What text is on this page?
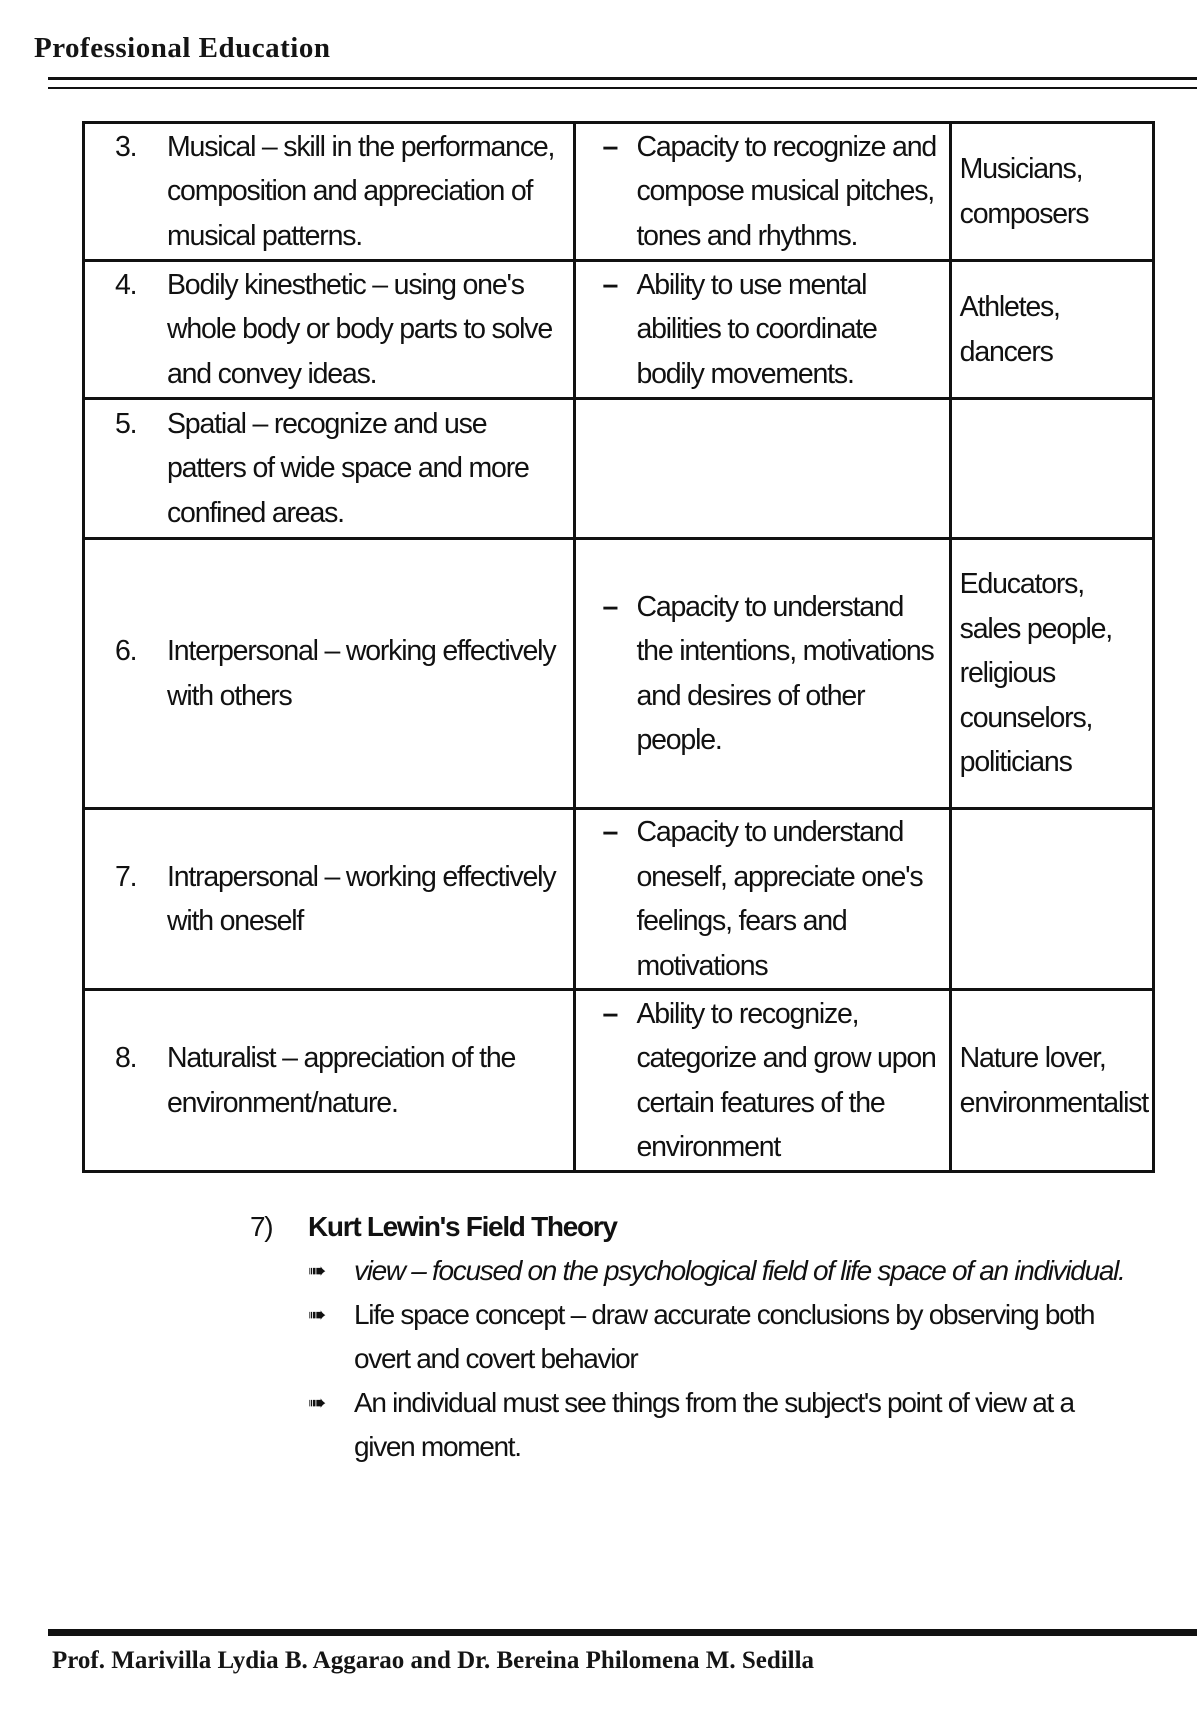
Professional Education
3. Musical – skill in the performance, composition and appreciation of musical patterns.	– Capacity to recognize and compose musical pitches, tones and rhythms.	Musicians, composers

4. Bodily kinesthetic – using one's whole body or body parts to solve and convey ideas.	– Ability to use mental abilities to coordinate bodily movements.	Athletes, dancers

5. Spatial – recognize and use patters of wide space and more confined areas.		

6. Interpersonal – working effectively with others	– Capacity to understand the intentions, motivations and desires of other people.	Educators, sales people, religious counselors, politicians

7. Intrapersonal – working effectively with oneself	– Capacity to understand oneself, appreciate one's feelings, fears and motivations	

8. Naturalist – appreciation of the environment/nature.	– Ability to recognize, categorize and grow upon certain features of the environment	Nature lover, environmentalist
7)	Kurt Lewin's Field Theory
➠	view – focused on the psychological field of life space of an individual.
➠	Life space concept – draw accurate conclusions by observing both overt and covert behavior
➠	An individual must see things from the subject's point of view at a given moment.
Prof. Marivilla Lydia B. Aggarao and Dr. Bereina Philomena M. Sedilla
